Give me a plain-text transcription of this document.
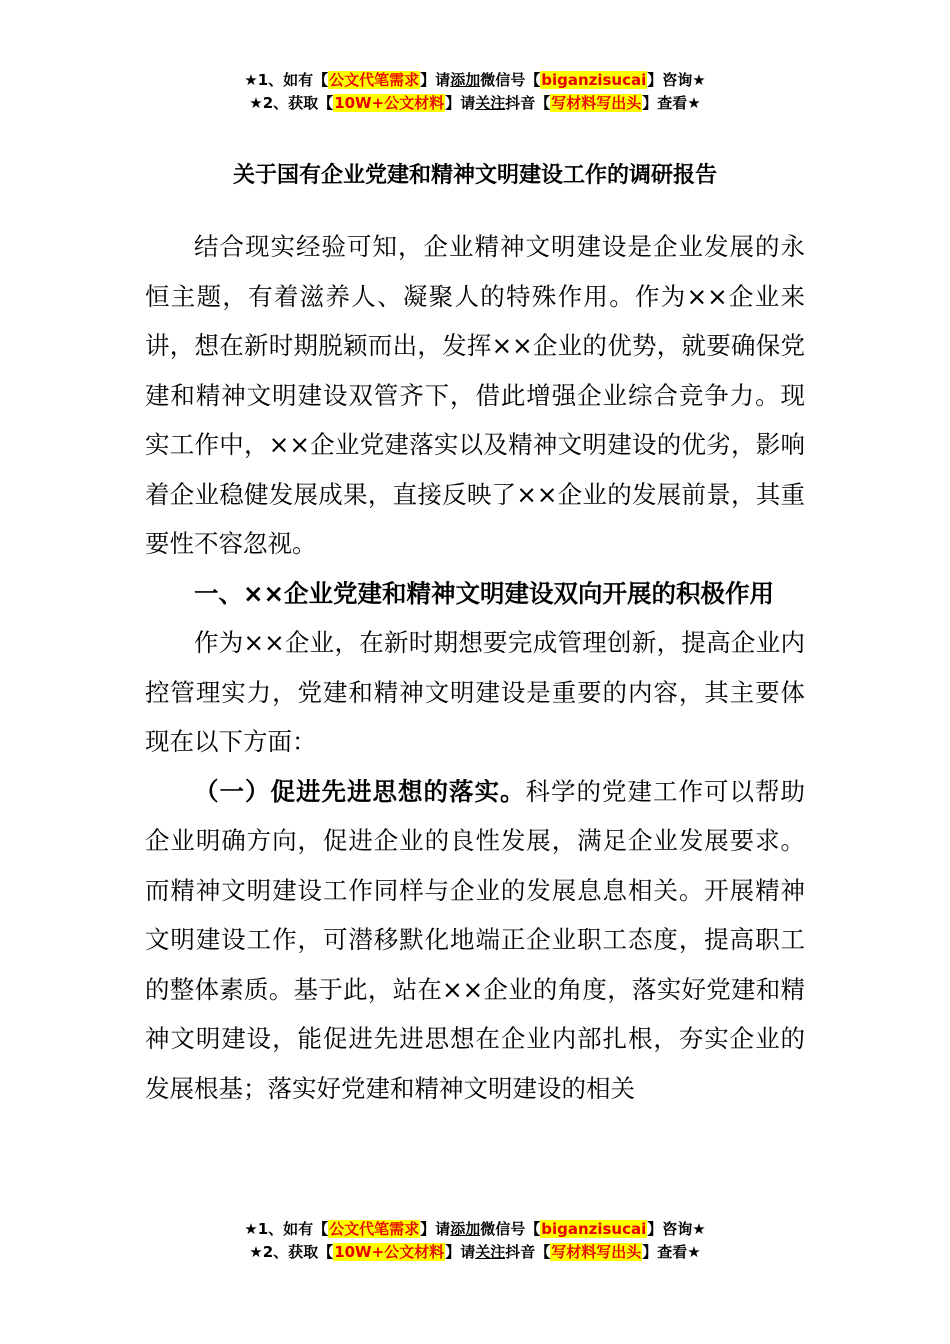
★1、如有【公文代笔需求】请添加微信号【biganzisucai】咨询★
★2、获取【10W+公文材料】请关注抖音【写材料写出头】查看★
关于国有企业党建和精神文明建设工作的调研报告

结合现实经验可知，企业精神文明建设是企业发展的永恒主题，有着滋养人、凝聚人的特殊作用。作为××企业来讲，想在新时期脱颖而出，发挥××企业的优势，就要确保党建和精神文明建设双管齐下，借此增强企业综合竞争力。现实工作中，××企业党建落实以及精神文明建设的优劣，影响着企业稳健发展成果，直接反映了××企业的发展前景，其重要性不容忽视。

一、××企业党建和精神文明建设双向开展的积极作用

作为××企业，在新时期想要完成管理创新，提高企业内控管理实力，党建和精神文明建设是重要的内容，其主要体现在以下方面：

（一）促进先进思想的落实。科学的党建工作可以帮助企业明确方向，促进企业的良性发展，满足企业发展要求。而精神文明建设工作同样与企业的发展息息相关。开展精神文明建设工作，可潜移默化地端正企业职工态度，提高职工的整体素质。基于此，站在××企业的角度，落实好党建和精神文明建设，能促进先进思想在企业内部扎根，夯实企业的发展根基；落实好党建和精神文明建设的相关

★1、如有【公文代笔需求】请添加微信号【biganzisucai】咨询★
★2、获取【10W+公文材料】请关注抖音【写材料写出头】查看★
